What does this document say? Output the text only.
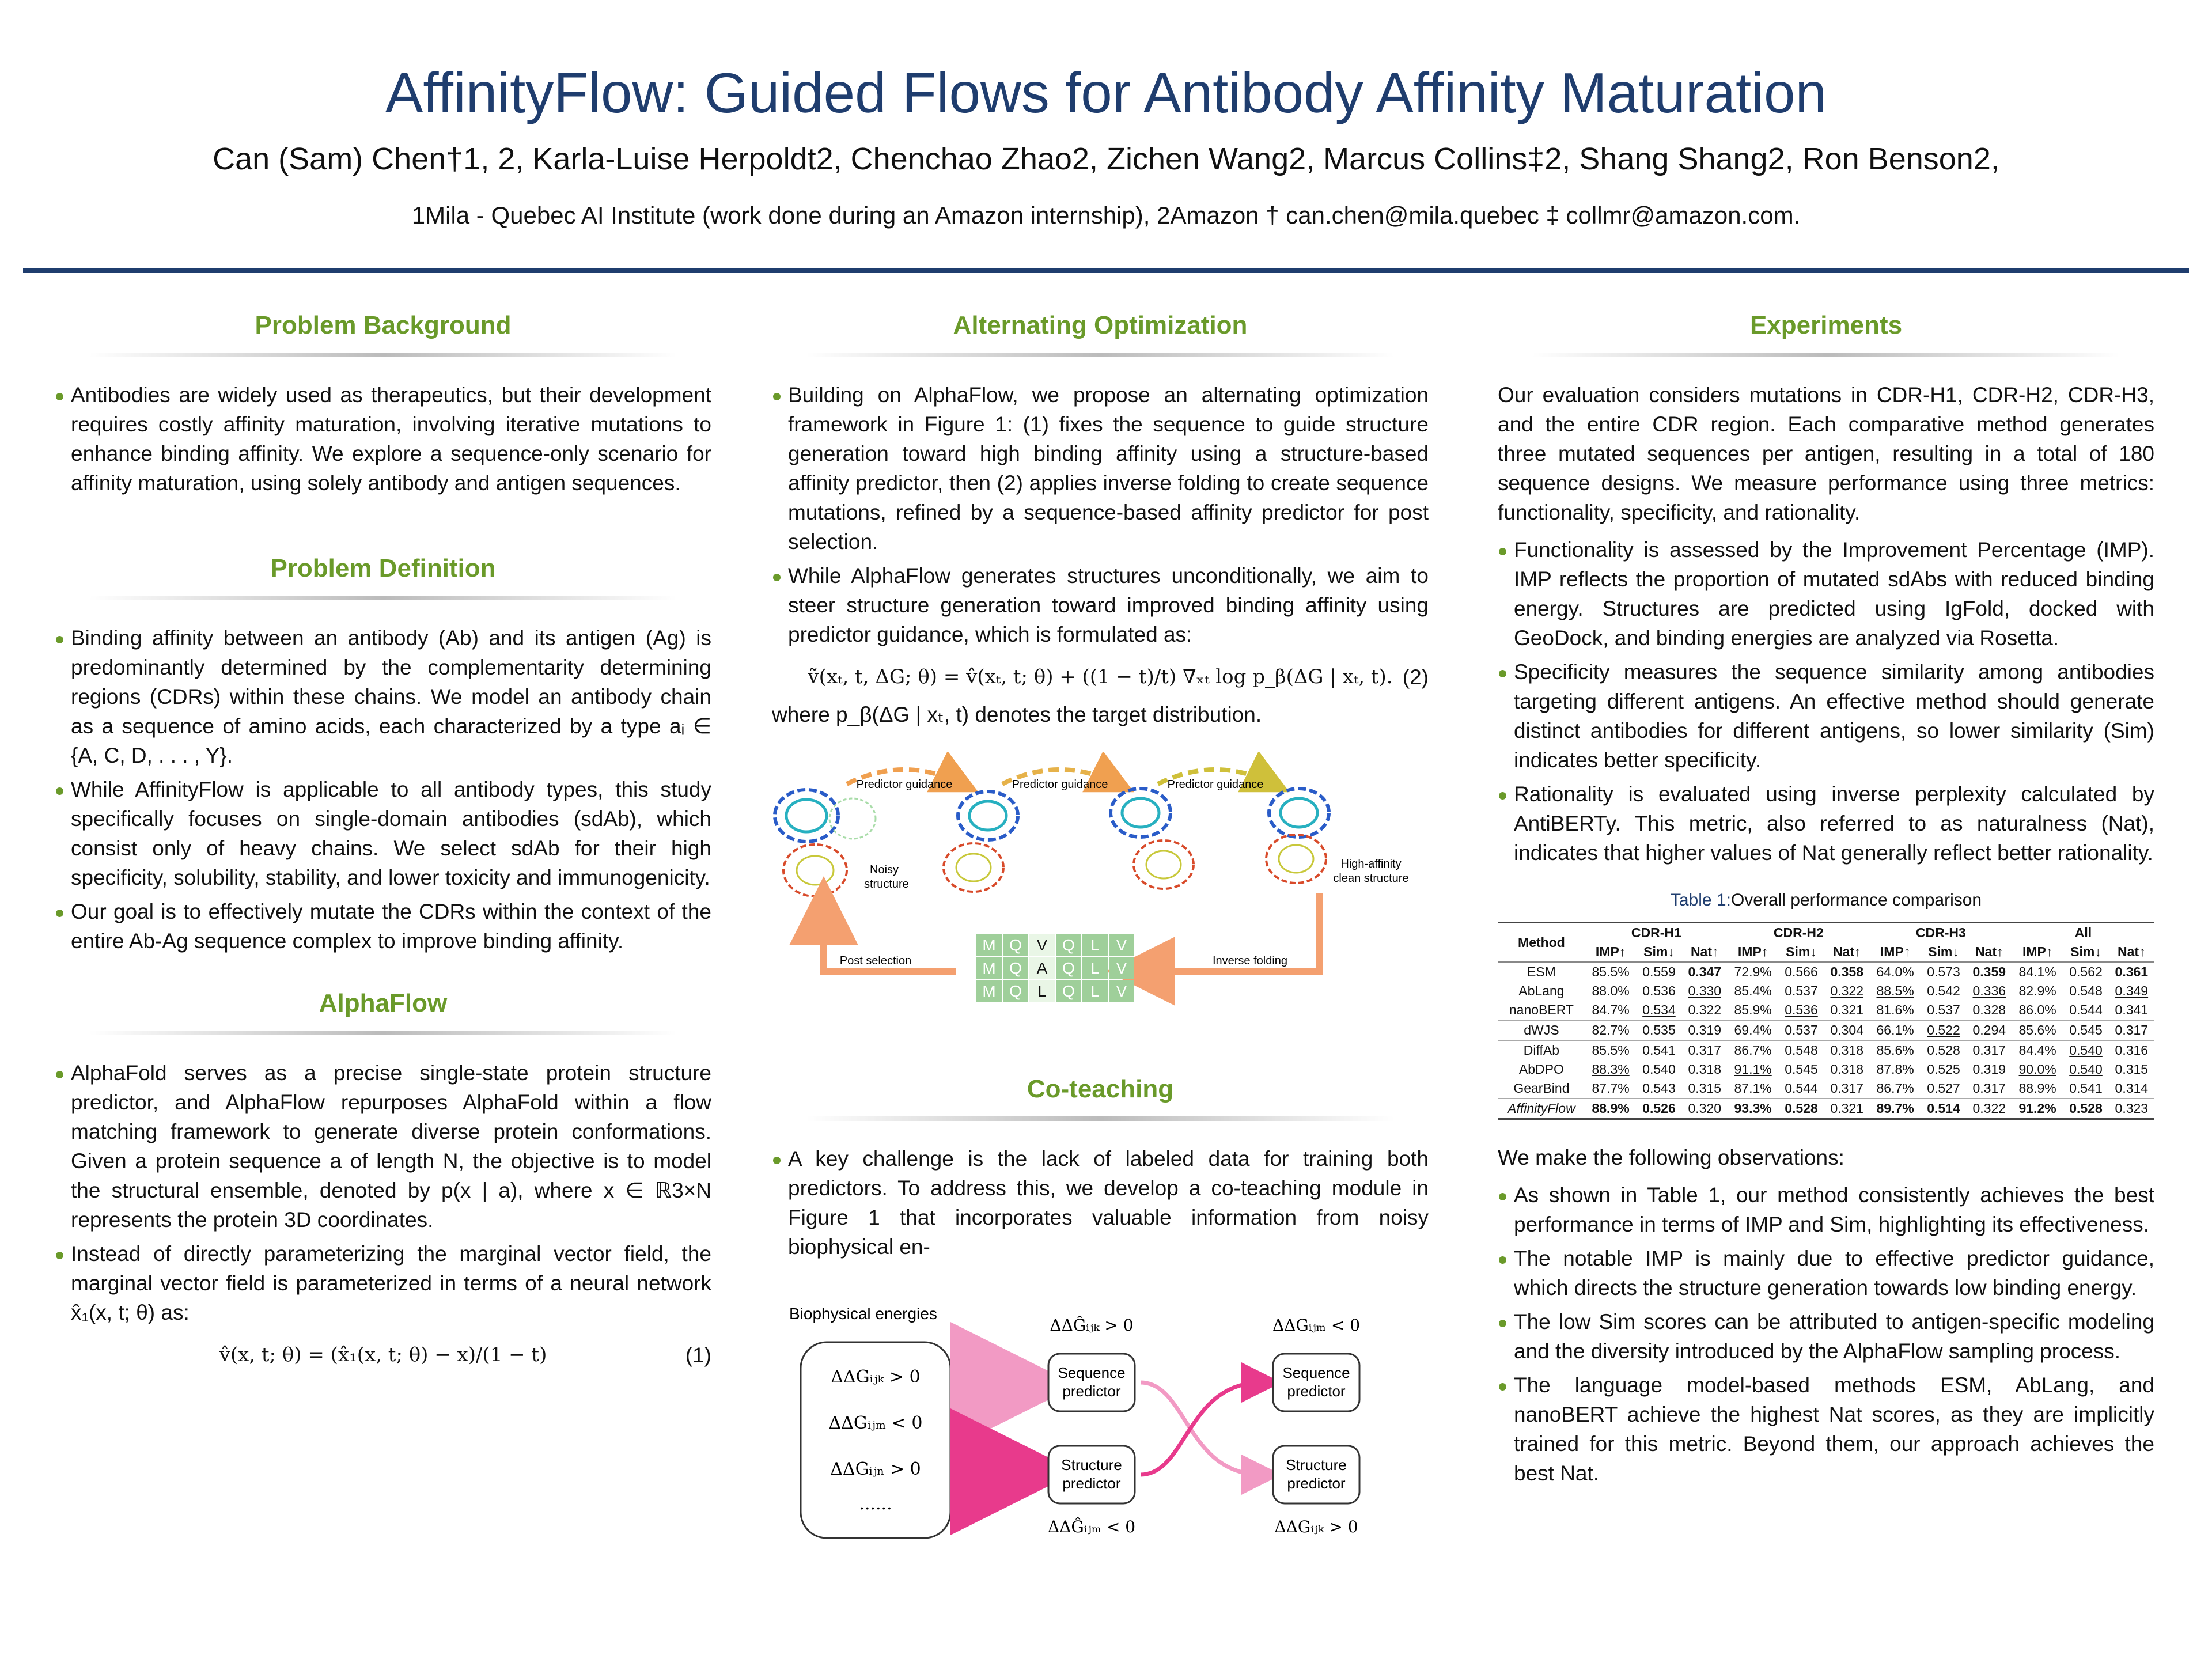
AffinityFlow: Guided Flows for Antibody Affinity Maturation
Can (Sam) Chen†1, 2, Karla-Luise Herpoldt2, Chenchao Zhao2, Zichen Wang2, Marcus Collins‡2, Shang Shang2, Ron Benson2,
1Mila - Quebec AI Institute (work done during an Amazon internship), 2Amazon † can.chen@mila.quebec ‡ collmr@amazon.com.
Problem Background
Antibodies are widely used as therapeutics, but their development requires costly affinity maturation, involving iterative mutations to enhance binding affinity. We explore a sequence-only scenario for affinity maturation, using solely antibody and antigen sequences.
Problem Definition
Binding affinity between an antibody (Ab) and its antigen (Ag) is predominantly determined by the complementarity determining regions (CDRs) within these chains. We model an antibody chain as a sequence of amino acids, each characterized by a type aᵢ ∈ {A, C, D, . . . , Y}.
While AffinityFlow is applicable to all antibody types, this study specifically focuses on single-domain antibodies (sdAb), which consist only of heavy chains. We select sdAb for their high specificity, solubility, stability, and lower toxicity and immunogenicity.
Our goal is to effectively mutate the CDRs within the context of the entire Ab-Ag sequence complex to improve binding affinity.
AlphaFlow
AlphaFold serves as a precise single-state protein structure predictor, and AlphaFlow repurposes AlphaFold within a flow matching framework to generate diverse protein conformations. Given a protein sequence a of length N, the objective is to model the structural ensemble, denoted by p(x | a), where x ∈ ℝ3×N represents the protein 3D coordinates.
Instead of directly parameterizing the marginal vector field, the marginal vector field is parameterized in terms of a neural network x̂₁(x, t; θ) as:
v̂(x, t; θ) = (x̂₁(x, t; θ) − x)/(1 − t)	(1)
Alternating Optimization
Building on AlphaFlow, we propose an alternating optimization framework in Figure 1: (1) fixes the sequence to guide structure generation toward high binding affinity using a structure-based affinity predictor, then (2) applies inverse folding to create sequence mutations, refined by a sequence-based affinity predictor for post selection.
While AlphaFlow generates structures unconditionally, we aim to steer structure generation toward improved binding affinity using predictor guidance, which is formulated as:
ṽ(xₜ, t, ΔG; θ) = v̂(xₜ, t; θ) + ((1 − t)/t) ∇ₓₜ log p_β(ΔG | xₜ, t). (2)

where p_β(ΔG | xₜ, t) denotes the target distribution.

Predictor guidance	Predictor guidance	Predictor guidance
Noisy
structure
High-affinity
clean structure
Inverse folding
Post selection
M Q V Q L V
M Q A Q L V
M Q L Q L V
Co-teaching
A key challenge is the lack of labeled data for training both predictors. To address this, we develop a co-teaching module in Figure 1 that incorporates valuable information from noisy biophysical en-
Biophysical energies
ΔΔGᵢⱼₖ > 0
ΔΔGᵢⱼₘ < 0
ΔΔGᵢⱼₙ > 0
......
ΔΔĜᵢⱼₖ > 0
Sequence
predictor
Structure
predictor
ΔΔĜᵢⱼₘ < 0
ΔΔGᵢⱼₘ < 0
Sequence
predictor
Structure
predictor
ΔΔGᵢⱼₖ > 0
Experiments

Our evaluation considers mutations in CDR-H1, CDR-H2, CDR-H3, and the entire CDR region. Each comparative method generates three mutated sequences per antigen, resulting in a total of 180 sequence designs. We measure performance using three metrics: functionality, specificity, and rationality.

Functionality is assessed by the Improvement Percentage (IMP). IMP reflects the proportion of mutated sdAbs with reduced binding energy. Structures are predicted using IgFold, docked with GeoDock, and binding energies are analyzed via Rosetta.
Specificity measures the sequence similarity among antibodies targeting different antigens. An effective method should generate distinct antibodies for different antigens, so lower similarity (Sim) indicates better specificity.
Rationality is evaluated using inverse perplexity calculated by AntiBERTy. This metric, also referred to as naturalness (Nat), indicates that higher values of Nat generally reflect better rationality.
Table 1:Overall performance comparison
Method	CDR-H1			CDR-H2			CDR-H3			All		
	IMP↑	Sim↓	Nat↑	IMP↑	Sim↓	Nat↑	IMP↑	Sim↓	Nat↑	IMP↑	Sim↓	Nat↑
ESM	85.5%	0.559	0.347	72.9%	0.566	0.358	64.0%	0.573	0.359	84.1%	0.562	0.361
AbLang	88.0%	0.536	0.330	85.4%	0.537	0.322	88.5%	0.542	0.336	82.9%	0.548	0.349
nanoBERT	84.7%	0.534	0.322	85.9%	0.536	0.321	81.6%	0.537	0.328	86.0%	0.544	0.341
dWJS	82.7%	0.535	0.319	69.4%	0.537	0.304	66.1%	0.522	0.294	85.6%	0.545	0.317
DiffAb	85.5%	0.541	0.317	86.7%	0.548	0.318	85.6%	0.528	0.317	84.4%	0.540	0.316
AbDPO	88.3%	0.540	0.318	91.1%	0.545	0.318	87.8%	0.525	0.319	90.0%	0.540	0.315
GearBind	87.7%	0.543	0.315	87.1%	0.544	0.317	86.7%	0.527	0.317	88.9%	0.541	0.314
AffinityFlow	88.9%	0.526	0.320	93.3%	0.528	0.321	89.7%	0.514	0.322	91.2%	0.528	0.323

We make the following observations:

As shown in Table 1, our method consistently achieves the best performance in terms of IMP and Sim, highlighting its effectiveness.
The notable IMP is mainly due to effective predictor guidance, which directs the structure generation towards low binding energy.
The low Sim scores can be attributed to antigen-specific modeling and the diversity introduced by the AlphaFlow sampling process.
The language model-based methods ESM, AbLang, and nanoBERT achieve the highest Nat scores, as they are implicitly trained for this metric. Beyond them, our approach achieves the best Nat.
